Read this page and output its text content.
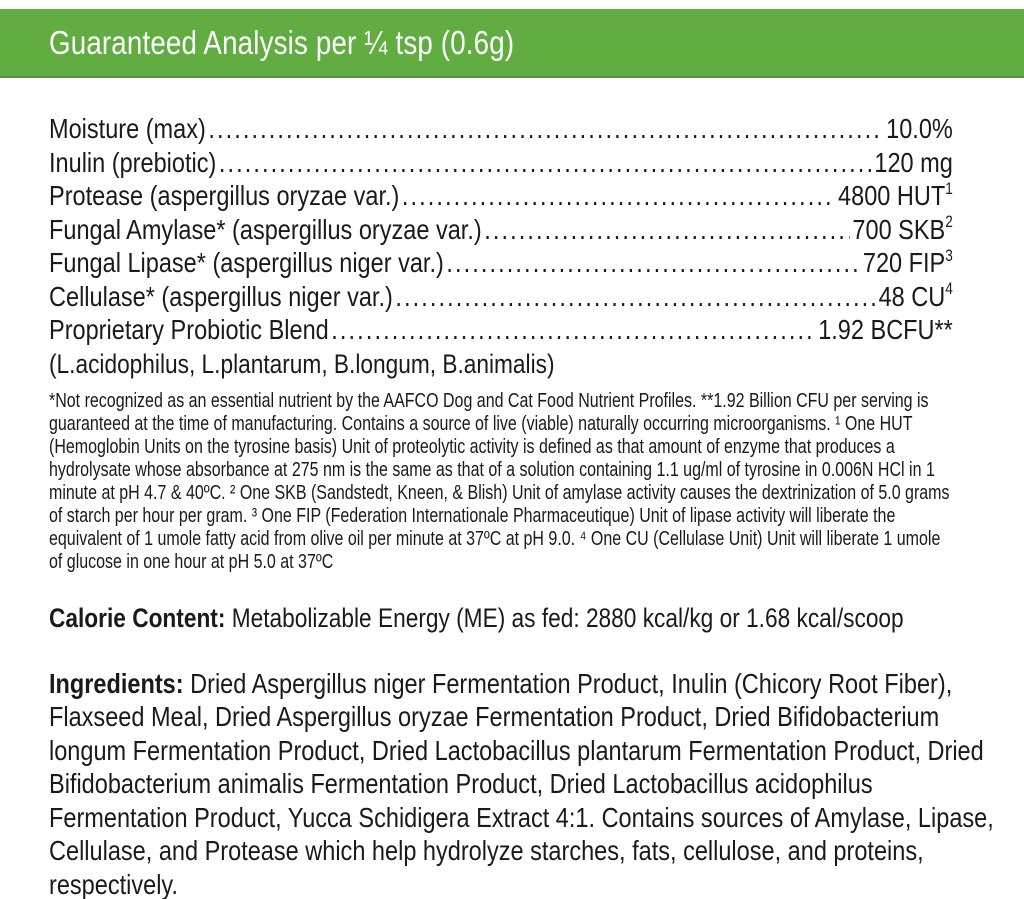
Guaranteed Analysis per ¼ tsp (0.6g)
Moisture (max) .....	10.0%
Inulin (prebiotic) .....	120 mg
Protease (aspergillus oryzae var.) .....	4800 HUT$^1$
Fungal Amylase* (aspergillus oryzae var.) .....	700 SKB$^2$
Fungal Lipase* (aspergillus niger var.) .....	720 FIP$^3$
Cellulase* (aspergillus niger var.) .....	48 $CU^4$
Proprietary Probiotic Blend .....	1.92 BCFU**
(L.acidophilus, L.plantarum, B.longum, B.animalis)

*Not recognized as an essential nutrient by the AAFCO Dog and Cat Food Nutrient Profiles. **1.92 Billion CFU per serving is guaranteed at the time of manufacturing. Contains a source of live (viable) naturally occurring microorganisms. ¹ One HUT (Hemoglobin Units on the tyrosine basis) Unit of proteolytic activity is defined as that amount of enzyme that produces a hydrolysate whose absorbance at 275 nm is the same as that of a solution containing 1.1 ug/ml of tyrosine in 0.006N HCl in 1 minute at pH 4.7 & 40ºC. ² One SKB (Sandstedt, Kneen, & Blish) Unit of amylase activity causes the dextrinization of 5.0 grams of starch per hour per gram. ³ One FIP (Federation Internationale Pharmaceutique) Unit of lipase activity will liberate the equivalent of 1 umole fatty acid from olive oil per minute at 37ºC at pH 9.0. ⁴ One CU (Cellulase Unit) Unit will liberate 1 umole of glucose in one hour at pH 5.0 at 37ºC

Calorie Content: Metabolizable Energy (ME) as fed: 2880 kcal/kg or 1.68 kcal/scoop

Ingredients: Dried Aspergillus niger Fermentation Product, Inulin (Chicory Root Fiber), Flaxseed Meal, Dried Aspergillus oryzae Fermentation Product, Dried Bifidobacterium longum Fermentation Product, Dried Lactobacillus plantarum Fermentation Product, Dried Bifidobacterium animalis Fermentation Product, Dried Lactobacillus acidophilus Fermentation Product, Yucca Schidigera Extract 4:1. Contains sources of Amylase, Lipase, Cellulase, and Protease which help hydrolyze starches, fats, cellulose, and proteins, respectively.
